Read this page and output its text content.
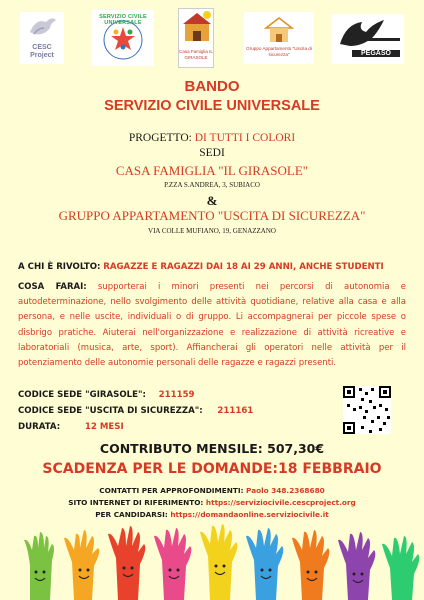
CESC Project
SERVIZIO CIVILE UNIVERSALE
Casa Famiglia IL GIRASOLE
Gruppo Appartamento "Uscita di sicurezza"	PEGASO
BANDO
SERVIZIO CIVILE UNIVERSALE
PROGETTO: DI TUTTI I COLORI
SEDI
CASA FAMIGLIA "IL GIRASOLE"
P.ZZA S.ANDREA, 3, SUBIACO
&
GRUPPO APPARTAMENTO "USCITA DI SICUREZZA"
VIA COLLE MUFIANO, 19, GENAZZANO
A CHI È RIVOLTO: RAGAZZE E RAGAZZI DAI 18 AI 29 ANNI, ANCHE STUDENTI
COSA FARAI: supporterai i minori presenti nei percorsi di autonomia e autodeterminazione, nello svolgimento delle attività quotidiane, relative alla casa e alla persona, e nelle uscite, individuali o di gruppo. Li accompagnerai per piccole spese o disbrigo pratiche. Aiuterai nell'organizzazione e realizzazione di attività ricreative e laboratoriali (musica, arte, sport). Affiancherai gli operatori nelle attività per il potenziamento delle autonomie personali delle ragazze e ragazzi presenti.
CODICE SEDE "GIRASOLE": 211159
CODICE SEDE "USCITA DI SICUREZZA": 211161
DURATA:	12 MESI
CONTRIBUTO MENSILE: 507,30€
SCADENZA PER LE DOMANDE:18 FEBBRAIO
CONTATTI PER APPROFONDIMENTI: Paolo 348.2368680
SITO INTERNET DI RIFERIMENTO: https://serviziocivile.cescproject.org
PER CANDIDARSI: https://domandaonline.serviziocivile.it
